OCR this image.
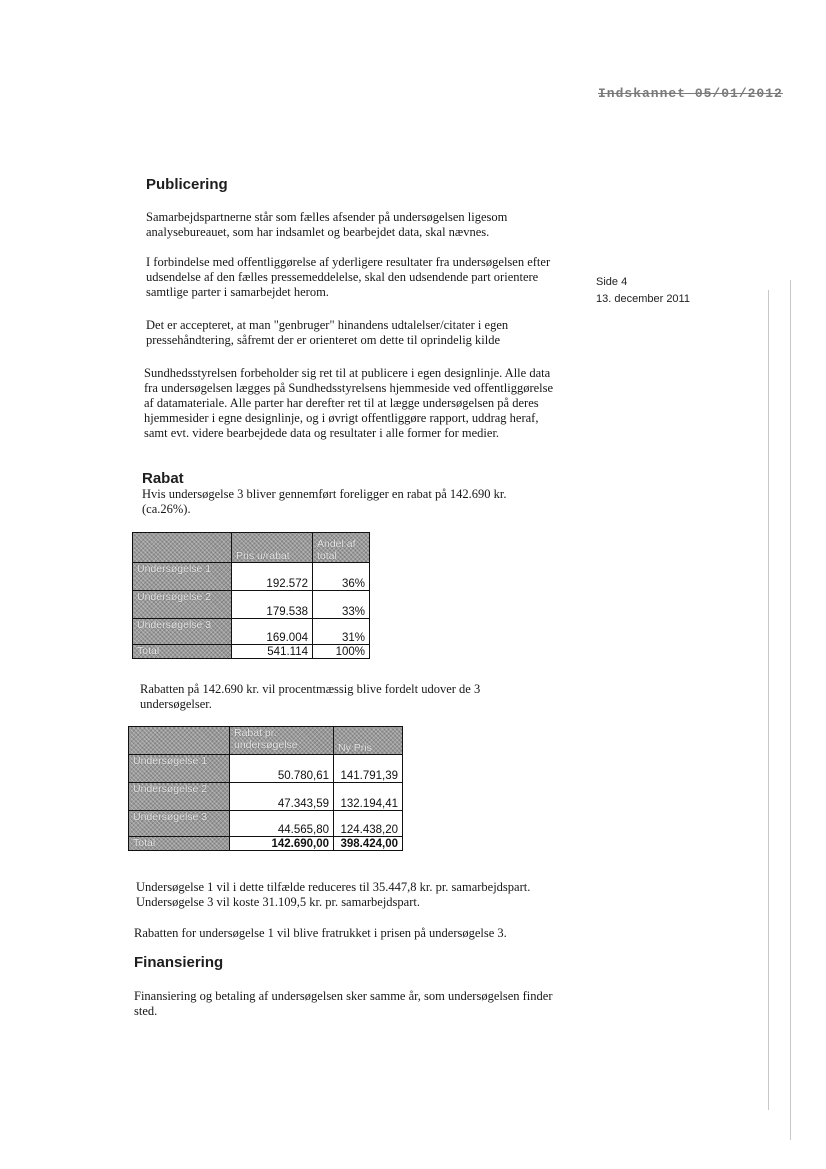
Indskannet 05/01/2012
Side 4
13. december 2011
Publicering

Samarbejdspartnerne står som fælles afsender på undersøgelsen ligesom analysebureauet, som har indsamlet og bearbejdet data, skal nævnes.

I forbindelse med offentliggørelse af yderligere resultater fra undersøgelsen efter udsendelse af den fælles pressemeddelelse, skal den udsendende part orientere samtlige parter i samarbejdet herom.

Det er accepteret, at man "genbruger" hinandens udtalelser/citater i egen pressehåndtering, såfremt der er orienteret om dette til oprindelig kilde

Sundhedsstyrelsen forbeholder sig ret til at publicere i egen designlinje. Alle data fra undersøgelsen lægges på Sundhedsstyrelsens hjemmeside ved offentliggørelse af datamateriale. Alle parter har derefter ret til at lægge undersøgelsen på deres hjemmesider i egne designlinje, og i øvrigt offentliggøre rapport, uddrag heraf, samt evt. videre bearbejdede data og resultater i alle former for medier.

Rabat

Hvis undersøgelse 3 bliver gennemført foreligger en rabat på 142.690 kr. (ca.26%).

	Pris u/rabat	Andel af total
Undersøgelse 1	192.572	36%
Undersøgelse 2	179.538	33%
Undersøgelse 3	169.004	31%
Total	541.114	100%

Rabatten på 142.690 kr. vil procentmæssig blive fordelt udover de 3 undersøgelser.

	Rabat pr. undersøgelse	Ny Pris
Undersøgelse 1	50.780,61	141.791,39
Undersøgelse 2	47.343,59	132.194,41
Undersøgelse 3	44.565,80	124.438,20
Total	142.690,00	398.424,00

Undersøgelse 1 vil i dette tilfælde reduceres til 35.447,8 kr. pr. samarbejdspart. Undersøgelse 3 vil koste 31.109,5 kr. pr. samarbejdspart.

Rabatten for undersøgelse 1 vil blive fratrukket i prisen på undersøgelse 3.

Finansiering

Finansiering og betaling af undersøgelsen sker samme år, som undersøgelsen finder sted.
